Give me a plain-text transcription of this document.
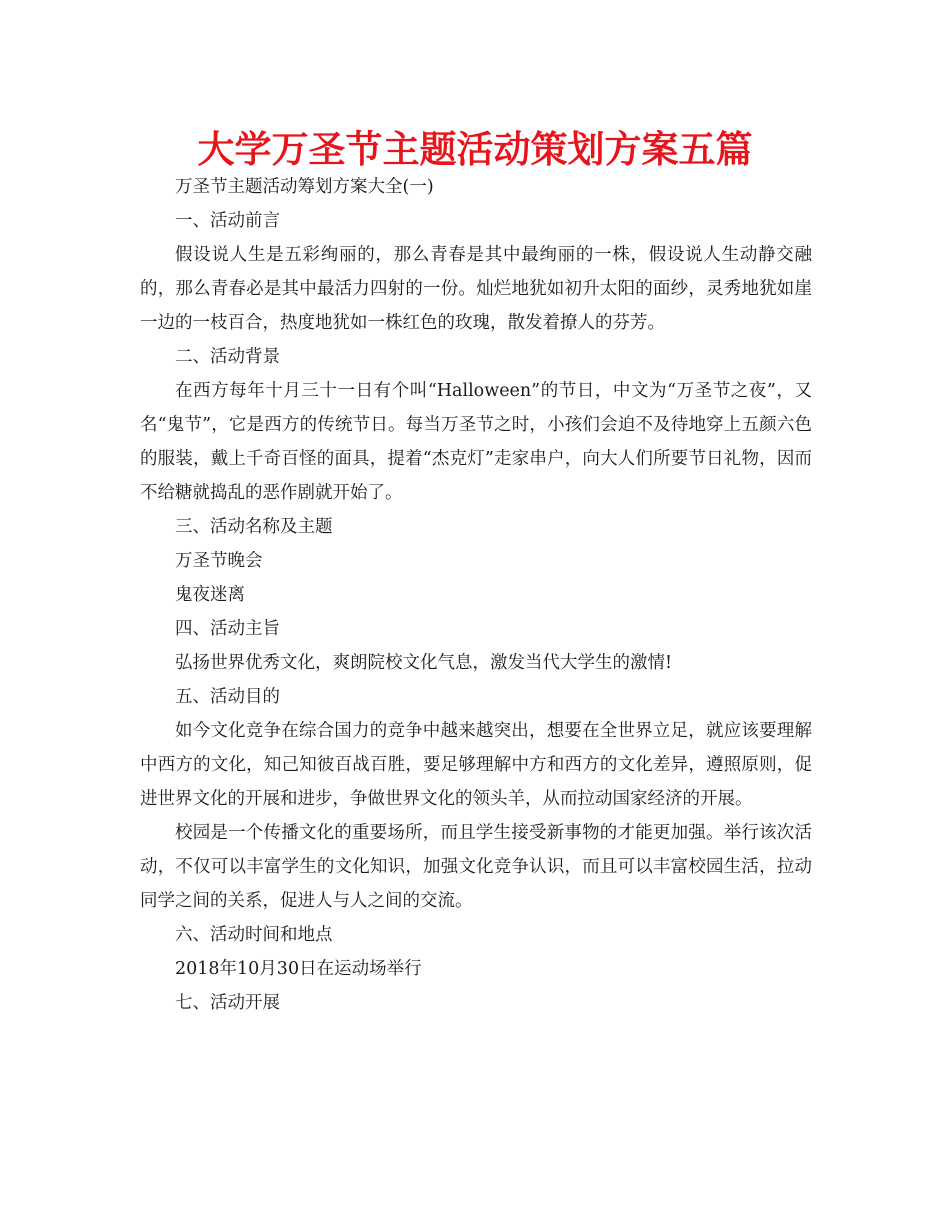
大学万圣节主题活动策划方案五篇

万圣节主题活动筹划方案大全(一)

一、活动前言

假设说人生是五彩绚丽的，那么青春是其中最绚丽的一株，假设说人生动静交融的，那么青春必是其中最活力四射的一份。灿烂地犹如初升太阳的面纱，灵秀地犹如崖一边的一枝百合，热度地犹如一株红色的玫瑰，散发着撩人的芬芳。

二、活动背景

在西方每年十月三十一日有个叫“Halloween”的节日，中文为“万圣节之夜”，又名“鬼节”，它是西方的传统节日。每当万圣节之时，小孩们会迫不及待地穿上五颜六色的服装，戴上千奇百怪的面具，提着“杰克灯”走家串户，向大人们所要节日礼物，因而不给糖就捣乱的恶作剧就开始了。

三、活动名称及主题

万圣节晚会

鬼夜迷离

四、活动主旨

弘扬世界优秀文化，爽朗院校文化气息，激发当代大学生的激情!

五、活动目的

如今文化竞争在综合国力的竞争中越来越突出，想要在全世界立足，就应该要理解中西方的文化，知己知彼百战百胜，要足够理解中方和西方的文化差异，遵照原则，促进世界文化的开展和进步，争做世界文化的领头羊，从而拉动国家经济的开展。

校园是一个传播文化的重要场所，而且学生接受新事物的才能更加强。举行该次活动，不仅可以丰富学生的文化知识，加强文化竞争认识，而且可以丰富校园生活，拉动同学之间的关系，促进人与人之间的交流。

六、活动时间和地点

2018年10月30日在运动场举行

七、活动开展
